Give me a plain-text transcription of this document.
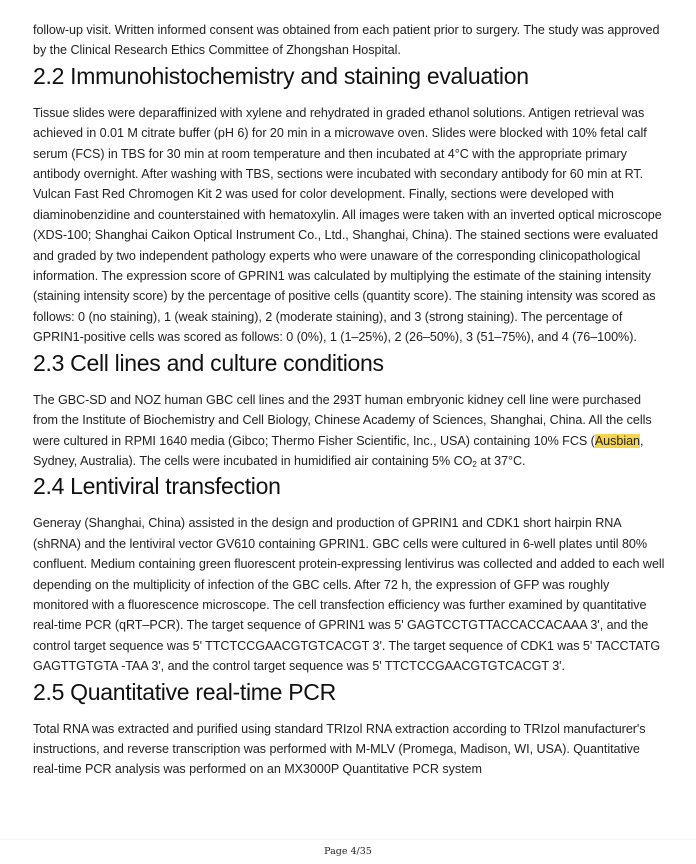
follow-up visit. Written informed consent was obtained from each patient prior to surgery. The study was approved by the Clinical Research Ethics Committee of Zhongshan Hospital.

2.2 Immunohistochemistry and staining evaluation

Tissue slides were deparaffinized with xylene and rehydrated in graded ethanol solutions. Antigen retrieval was achieved in 0.01 M citrate buffer (pH 6) for 20 min in a microwave oven. Slides were blocked with 10% fetal calf serum (FCS) in TBS for 30 min at room temperature and then incubated at 4°C with the appropriate primary antibody overnight. After washing with TBS, sections were incubated with secondary antibody for 60 min at RT. Vulcan Fast Red Chromogen Kit 2 was used for color development. Finally, sections were developed with diaminobenzidine and counterstained with hematoxylin. All images were taken with an inverted optical microscope (XDS-100; Shanghai Caikon Optical Instrument Co., Ltd., Shanghai, China). The stained sections were evaluated and graded by two independent pathology experts who were unaware of the corresponding clinicopathological information. The expression score of GPRIN1 was calculated by multiplying the estimate of the staining intensity (staining intensity score) by the percentage of positive cells (quantity score). The staining intensity was scored as follows: 0 (no staining), 1 (weak staining), 2 (moderate staining), and 3 (strong staining). The percentage of GPRIN1-positive cells was scored as follows: 0 (0%), 1 (1–25%), 2 (26–50%), 3 (51–75%), and 4 (76–100%).

2.3 Cell lines and culture conditions

The GBC-SD and NOZ human GBC cell lines and the 293T human embryonic kidney cell line were purchased from the Institute of Biochemistry and Cell Biology, Chinese Academy of Sciences, Shanghai, China. All the cells were cultured in RPMI 1640 media (Gibco; Thermo Fisher Scientific, Inc., USA) containing 10% FCS (Ausbian, Sydney, Australia). The cells were incubated in humidified air containing 5% $CO_2$ at 37°C.

2.4 Lentiviral transfection

Generay (Shanghai, China) assisted in the design and production of GPRIN1 and CDK1 short hairpin RNA (shRNA) and the lentiviral vector GV610 containing GPRIN1. GBC cells were cultured in 6-well plates until 80% confluent. Medium containing green fluorescent protein-expressing lentivirus was collected and added to each well depending on the multiplicity of infection of the GBC cells. After 72 h, the expression of GFP was roughly monitored with a fluorescence microscope. The cell transfection efficiency was further examined by quantitative real-time PCR (qRT–PCR). The target sequence of GPRIN1 was 5' GAGTCCTGTTACCACCACAAA 3', and the control target sequence was 5' TTCTCCGAACGTGTCACGT 3'. The target sequence of CDK1 was 5' TACCTATG GAGTTGTGTA -TAA 3', and the control target sequence was 5' TTCTCCGAACGTGTCACGT 3'.

2.5 Quantitative real-time PCR

Total RNA was extracted and purified using standard TRIzol RNA extraction according to TRIzol manufacturer's instructions, and reverse transcription was performed with M-MLV (Promega, Madison, WI, USA). Quantitative real-time PCR analysis was performed on an MX3000P Quantitative PCR system

Page 4/35
